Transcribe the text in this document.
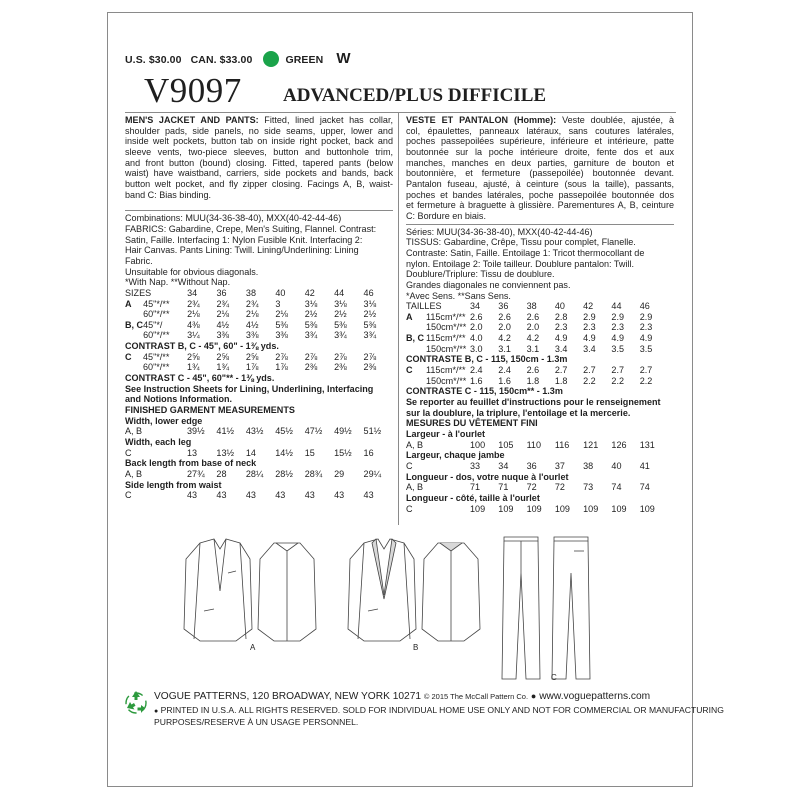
U.S. $30.00 CAN. $33.00	GREEN W
V9097 ADVANCED/PLUS DIFFICILE

MEN'S JACKET AND PANTS: Fitted, lined jacket has collar,

shoulder pads, side panels, no side seams, upper, lower and

inside welt pockets, button tab on inside right pocket, back and

sleeve vents, two-piece sleeves, button and buttonhole trim,

and front button (bound) closing. Fitted, tapered pants (below

waist) have waistband, carriers, side pockets and bands, back

button welt pocket, and fly zipper closing. Facings A, B, waist-

band C: Bias binding.

Combinations: MUU(34-36-38-40), MXX(40-42-44-46)

FABRICS: Gabardine, Crepe, Men's Suiting, Flannel. Contrast:

Satin, Faille. Interfacing 1: Nylon Fusible Knit. Interfacing 2:

Hair Canvas. Pants Lining: Twill. Lining/Underlining: Lining

Fabric.

Unsuitable for obvious diagonals.

*With Nap. **Without Nap.

SIZES		34	36	38	40	42	44	46
A	45"*/**	2¾	2¾	2¾	3	3⅛	3⅛	3⅛
	60"*/**	2⅛	2⅛	2⅛	2⅛	2½	2½	2½
B, C	45"*/	4⅜	4½	4½	5⅜	5⅜	5⅜	5⅜
	60"*/**	3¼	3⅜	3⅜	3⅜	3¾	3¾	3¾

CONTRAST B, C - 45", 60" - 1⅜ yds.

C	45"*/**	2⅝	2⅝	2⅝	2⅞	2⅞	2⅞	2⅞
	60"*/**	1¾	1¾	1⅞	1⅞	2⅜	2⅜	2⅜

CONTRAST C - 45", 60"** - 1⅜ yds.

See Instruction Sheets for Lining, Underlining, Interfacing

and Notions Information.

FINISHED GARMENT MEASUREMENTS

Width, lower edge							
A, B	39½	41½	43½	45½	47½	49½	51½
Width, each leg							
C	13	13½	14	14½	15	15½	16
Back length from base of neck							
A, B	27¾	28	28¼	28½	28¾	29	29¼
Side length from waist							
C	43	43	43	43	43	43	43

VESTE ET PANTALON (Homme): Veste doublée, ajustée, à

col, épaulettes, panneaux latéraux, sans coutures latérales,

poches passepoilées supérieure, inférieure et intérieure, patte

boutonnée sur la poche intérieure droite, fente dos et aux

manches, manches en deux parties, garniture de bouton et

boutonnière, et fermeture (passepoilée) boutonnée devant.

Pantalon fuseau, ajusté, à ceinture (sous la taille), passants,

poches et bandes latérales, poche passepoilée boutonnée dos

et fermeture à braguette à glissière. Parementures A, B, ceinture

C: Bordure en biais.

Séries: MUU(34-36-38-40), MXX(40-42-44-46)

TISSUS: Gabardine, Crêpe, Tissu pour complet, Flanelle.

Contraste: Satin, Faille. Entoilage 1: Tricot thermocollant de

nylon. Entoilage 2: Toile tailleur. Doublure pantalon: Twill.

Doublure/Triplure: Tissu de doublure.

Grandes diagonales ne conviennent pas.

*Avec Sens. **Sans Sens.

TAILLES		34	36	38	40	42	44	46
A	115cm*/**	2.6	2.6	2.6	2.8	2.9	2.9	2.9
	150cm*/**	2.0	2.0	2.0	2.3	2.3	2.3	2.3
B, C	115cm*/**	4.0	4.2	4.2	4.9	4.9	4.9	4.9
	150cm*/**	3.0	3.1	3.1	3.4	3.4	3.5	3.5

CONTRASTE B, C - 115, 150cm - 1.3m

C	115cm*/**	2.4	2.4	2.6	2.7	2.7	2.7	2.7
	150cm*/**	1.6	1.6	1.8	1.8	2.2	2.2	2.2

CONTRASTE C - 115, 150cm** - 1.3m

Se reporter au feuillet d'instructions pour le renseignement

sur la doublure, la triplure, l'entoilage et la mercerie.

MESURES DU VÊTEMENT FINI

Largeur - à l'ourlet							
A, B	100	105	110	116	121	126	131
Largeur, chaque jambe							
C	33	34	36	37	38	40	41
Longueur - dos, votre nuque à l'ourlet							
A, B	71	71	72	72	73	74	74
Longueur - côté, taille à l'ourlet							
C	109	109	109	109	109	109	109
A	B
C
VOGUE PATTERNS, 120 BROADWAY, NEW YORK 10271 © 2015 The McCall Pattern Co. ● www.voguepatterns.com
● PRINTED IN U.S.A. ALL RIGHTS RESERVED. SOLD FOR INDIVIDUAL HOME USE ONLY AND NOT FOR COMMERCIAL OR MANUFACTURING
PURPOSES/RESERVE À UN USAGE PERSONNEL.
